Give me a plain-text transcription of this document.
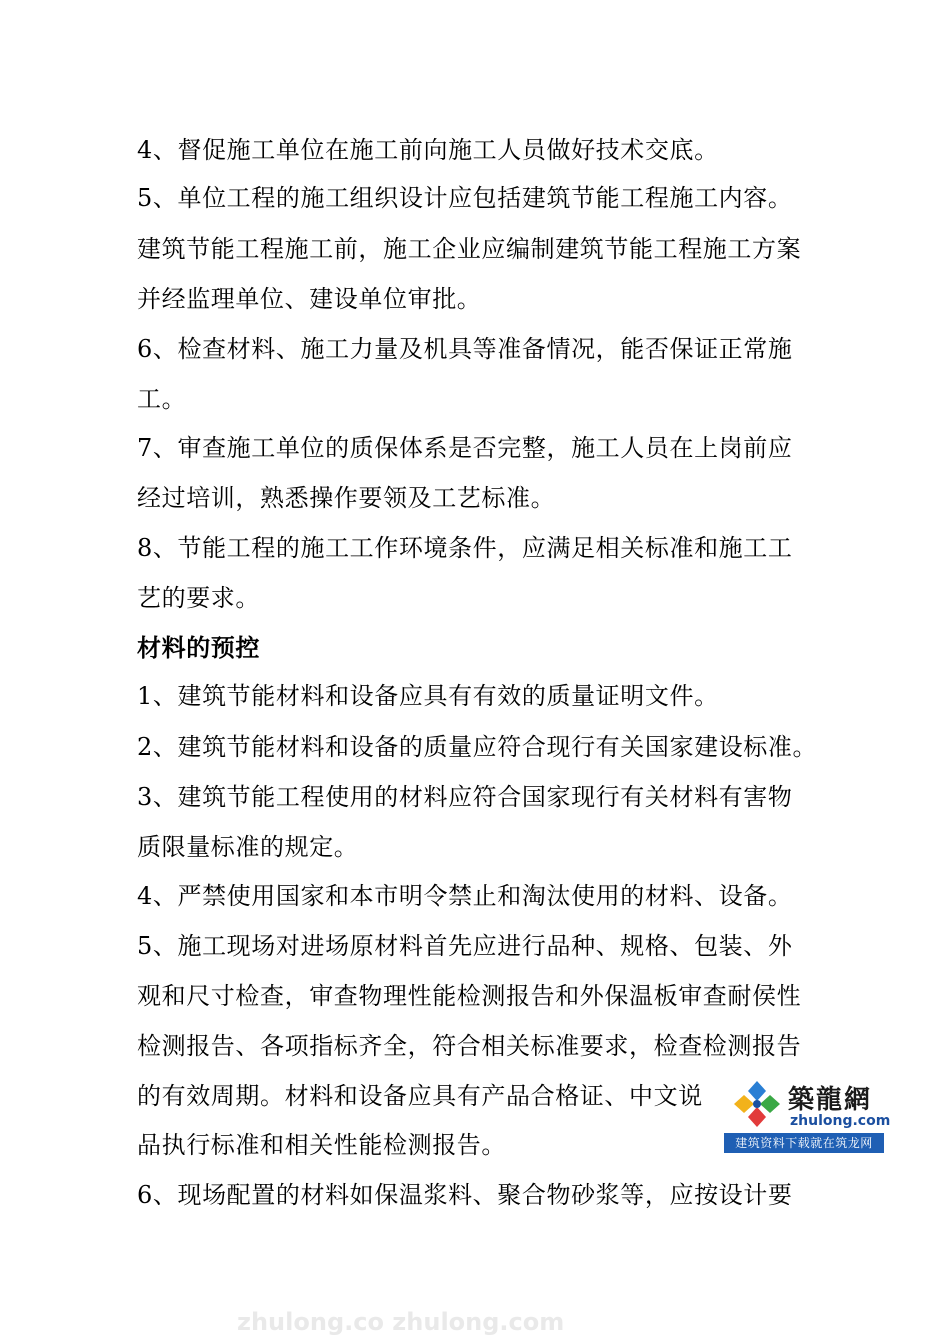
4、督促施工单位在施工前向施工人员做好技术交底。
5、单位工程的施工组织设计应包括建筑节能工程施工内容。
建筑节能工程施工前，施工企业应编制建筑节能工程施工方案
并经监理单位、建设单位审批。
6、检查材料、施工力量及机具等准备情况，能否保证正常施
工。
7、审查施工单位的质保体系是否完整，施工人员在上岗前应
经过培训，熟悉操作要领及工艺标准。
8、节能工程的施工工作环境条件，应满足相关标准和施工工
艺的要求。
材料的预控
1、建筑节能材料和设备应具有有效的质量证明文件。
2、建筑节能材料和设备的质量应符合现行有关国家建设标准。
3、建筑节能工程使用的材料应符合国家现行有关材料有害物
质限量标准的规定。
4、严禁使用国家和本市明令禁止和淘汰使用的材料、设备。
5、施工现场对进场原材料首先应进行品种、规格、包装、外
观和尺寸检查，审查物理性能检测报告和外保温板审查耐侯性
检测报告、各项指标齐全，符合相关标准要求，检查检测报告
的有效周期。材料和设备应具有产品合格证、中文说
品执行标准和相关性能检测报告。
6、现场配置的材料如保温浆料、聚合物砂浆等，应按设计要
築龍網
zhulong.com
建筑资料下载就在筑龙网
zhulong.co zhulong.com
